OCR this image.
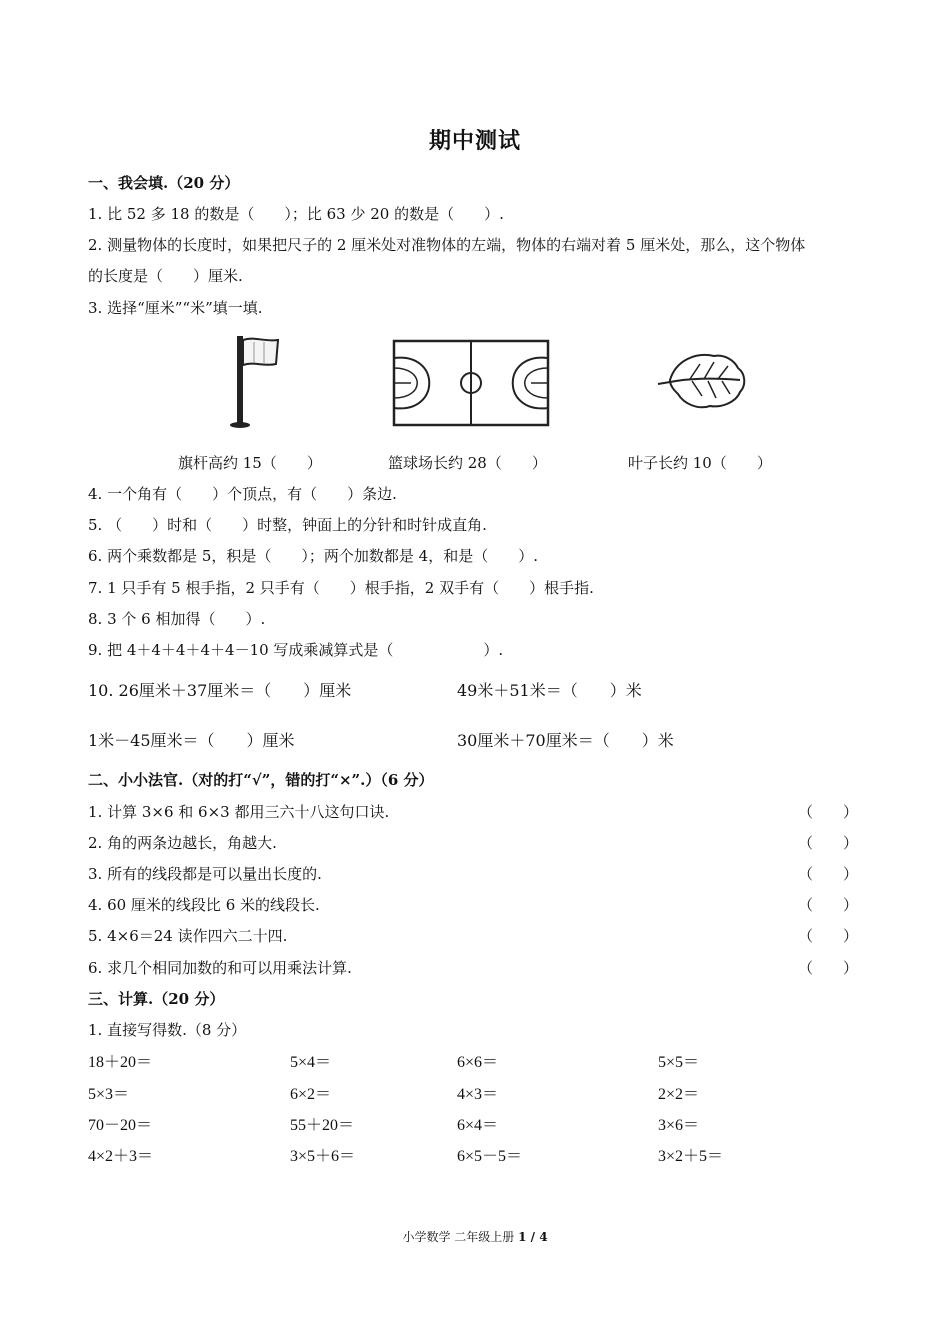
期中测试
一、我会填.（20 分）
1. 比 52 多 18 的数是（　　）；比 63 少 20 的数是（　　）.
2. 测量物体的长度时，如果把尺子的 2 厘米处对准物体的左端，物体的右端对着 5 厘米处，那么，这个物体
的长度是（　　）厘米.
3. 选择“厘米”“米”填一填.
旗杆高约 15（　　）	篮球场长约 28（　　）	叶子长约 10（　　）
4. 一个角有（　　）个顶点，有（　　）条边.
5. （　　）时和（　　）时整，钟面上的分针和时针成直角.
6. 两个乘数都是 5，积是（　　）；两个加数都是 4，和是（　　）.
7. 1 只手有 5 根手指，2 只手有（　　）根手指，2 双手有（　　）根手指.
8. 3 个 6 相加得（　　）.
9. 把 4＋4＋4＋4＋4－10 写成乘减算式是（　　　　　　）.
10. 26厘米＋37厘米＝（　　）厘米	49米＋51米＝（　　）米
1米－45厘米＝（　　）厘米	30厘米＋70厘米＝（　　）米
二、小小法官.（对的打“√”，错的打“×”.）（6 分）
1. 计算 3×6 和 6×3 都用三六十八这句口诀.	（　　）
2. 角的两条边越长，角越大.	（　　）
3. 所有的线段都是可以量出长度的.	（　　）
4. 60 厘米的线段比 6 米的线段长.	（　　）
5. 4×6＝24 读作四六二十四.	（　　）
6. 求几个相同加数的和可以用乘法计算.	（　　）
三、计算.（20 分）
1. 直接写得数.（8 分）
18＋20＝	5×4＝	6×6＝	5×5＝
5×3＝	6×2＝	4×3＝	2×2＝
70－20＝	55＋20＝	6×4＝	3×6＝
4×2＋3＝	3×5＋6＝	6×5－5＝	3×2＋5＝
小学数学 二年级上册 1 / 4
